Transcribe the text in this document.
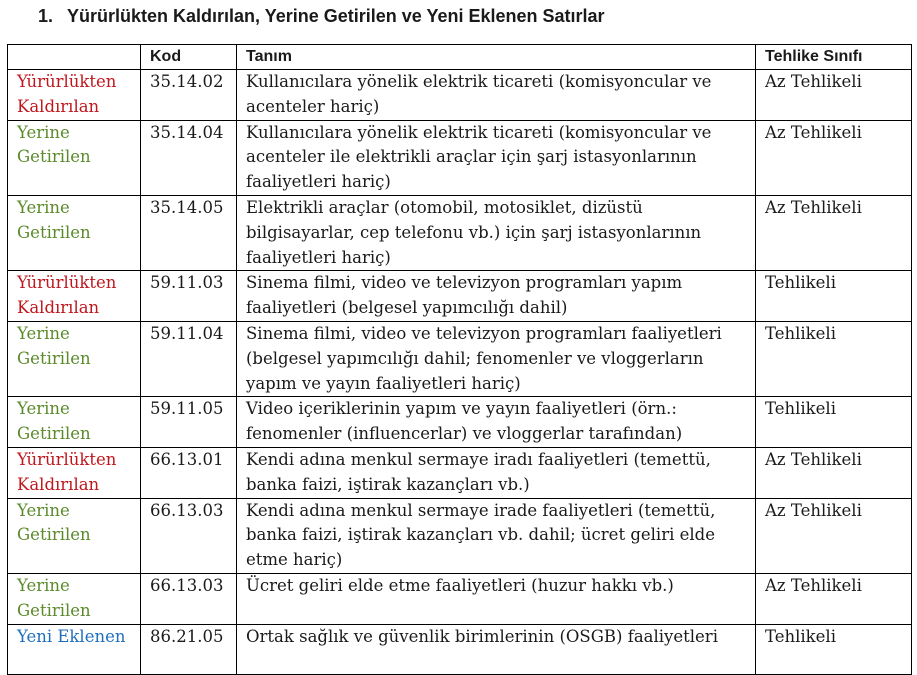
1. Yürürlükten Kaldırılan, Yerine Getirilen ve Yeni Eklenen Satırlar
	Kod	Tanım	Tehlike Sınıfı
Yürürlükten Kaldırılan	35.14.02	Kullanıcılara yönelik elektrik ticareti (komisyoncular ve acenteler hariç)	Az Tehlikeli
Yerine Getirilen	35.14.04	Kullanıcılara yönelik elektrik ticareti (komisyoncular ve acenteler ile elektrikli araçlar için şarj istasyonlarının faaliyetleri hariç)	Az Tehlikeli
Yerine Getirilen	35.14.05	Elektrikli araçlar (otomobil, motosiklet, dizüstü bilgisayarlar, cep telefonu vb.) için şarj istasyonlarının faaliyetleri hariç)	Az Tehlikeli
Yürürlükten Kaldırılan	59.11.03	Sinema filmi, video ve televizyon programları yapım faaliyetleri (belgesel yapımcılığı dahil)	Tehlikeli
Yerine Getirilen	59.11.04	Sinema filmi, video ve televizyon programları faaliyetleri (belgesel yapımcılığı dahil; fenomenler ve vloggerların yapım ve yayın faaliyetleri hariç)	Tehlikeli
Yerine Getirilen	59.11.05	Video içeriklerinin yapım ve yayın faaliyetleri (örn.: fenomenler (influencerlar) ve vloggerlar tarafından)	Tehlikeli
Yürürlükten Kaldırılan	66.13.01	Kendi adına menkul sermaye iradı faaliyetleri (temettü, banka faizi, iştirak kazançları vb.)	Az Tehlikeli
Yerine Getirilen	66.13.03	Kendi adına menkul sermaye irade faaliyetleri (temettü, banka faizi, iştirak kazançları vb. dahil; ücret geliri elde etme hariç)	Az Tehlikeli
Yerine Getirilen	66.13.03	Ücret geliri elde etme faaliyetleri (huzur hakkı vb.)	Az Tehlikeli
Yeni Eklenen	86.21.05	Ortak sağlık ve güvenlik birimlerinin (OSGB) faaliyetleri	Tehlikeli
